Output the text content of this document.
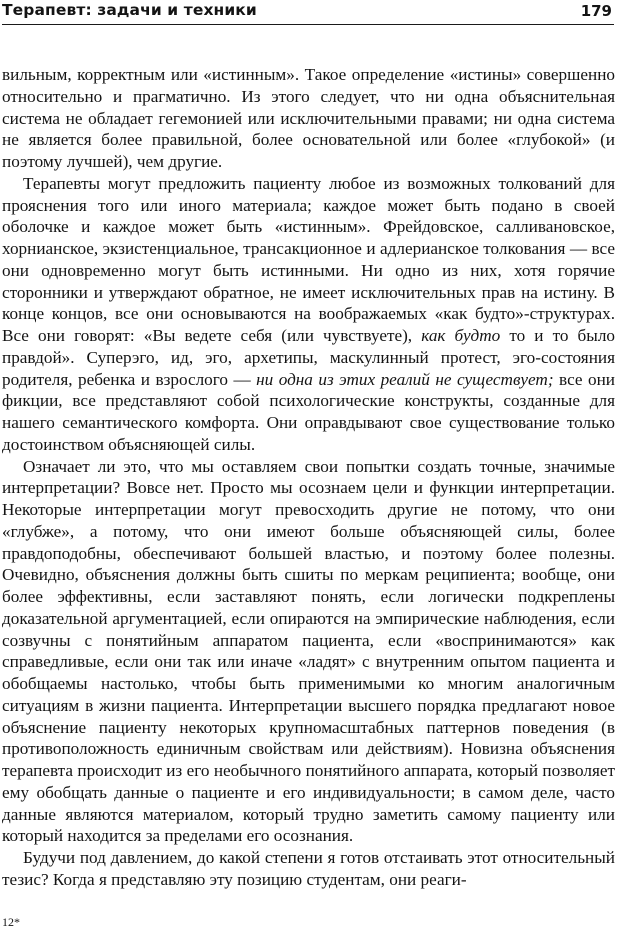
Терапевт: задачи и техники	179

вильным, корректным или «истинным». Такое определение «истины» совершенно относительно и прагматично. Из этого следует, что ни одна объяснительная система не обладает гегемонией или исключительными правами; ни одна система не является более правильной, более основательной или более «глубокой» (и поэтому лучшей), чем другие.

Терапевты могут предложить пациенту любое из возможных толкований для прояснения того или иного материала; каждое может быть подано в своей оболочке и каждое может быть «истинным». Фрейдовское, салливановское, хорнианское, экзистенциальное, трансакционное и адлерианское толкования — все они одновременно могут быть истинными. Ни одно из них, хотя горячие сторонники и утверждают обратное, не имеет исключительных прав на истину. В конце концов, все они основываются на воображаемых «как будто»-структурах. Все они говорят: «Вы ведете себя (или чувствуете), как будто то и то было правдой». Суперэго, ид, эго, архетипы, маскулинный протест, эго-состояния родителя, ребенка и взрослого — ни одна из этих реалий не существует; все они фикции, все представляют собой психологические конструкты, созданные для нашего семантического комфорта. Они оправдывают свое существование только достоинством объясняющей силы.

Означает ли это, что мы оставляем свои попытки создать точные, значимые интерпретации? Вовсе нет. Просто мы осознаем цели и функции интерпретации. Некоторые интерпретации могут превосходить другие не потому, что они «глубже», а потому, что они имеют больше объясняющей силы, более правдоподобны, обеспечивают большей властью, и поэтому более полезны. Очевидно, объяснения должны быть сшиты по меркам реципиента; вообще, они более эффективны, если заставляют понять, если логически подкреплены доказательной аргументацией, если опираются на эмпирические наблюдения, если созвучны с понятийным аппаратом пациента, если «воспринимаются» как справедливые, если они так или иначе «ладят» с внутренним опытом пациента и обобщаемы настолько, чтобы быть применимыми ко многим аналогичным ситуациям в жизни пациента. Интерпретации высшего порядка предлагают новое объяснение пациенту некоторых крупномасштабных паттернов поведения (в противоположность единичным свойствам или действиям). Новизна объяснения терапевта происходит из его необычного понятийного аппарата, который позволяет ему обобщать данные о пациенте и его индивидуальности; в самом деле, часто данные являются материалом, который трудно заметить самому пациенту или который находится за пределами его осознания.

Будучи под давлением, до какой степени я готов отстаивать этот относительный тезис? Когда я представляю эту позицию студентам, они реаги-

12*
